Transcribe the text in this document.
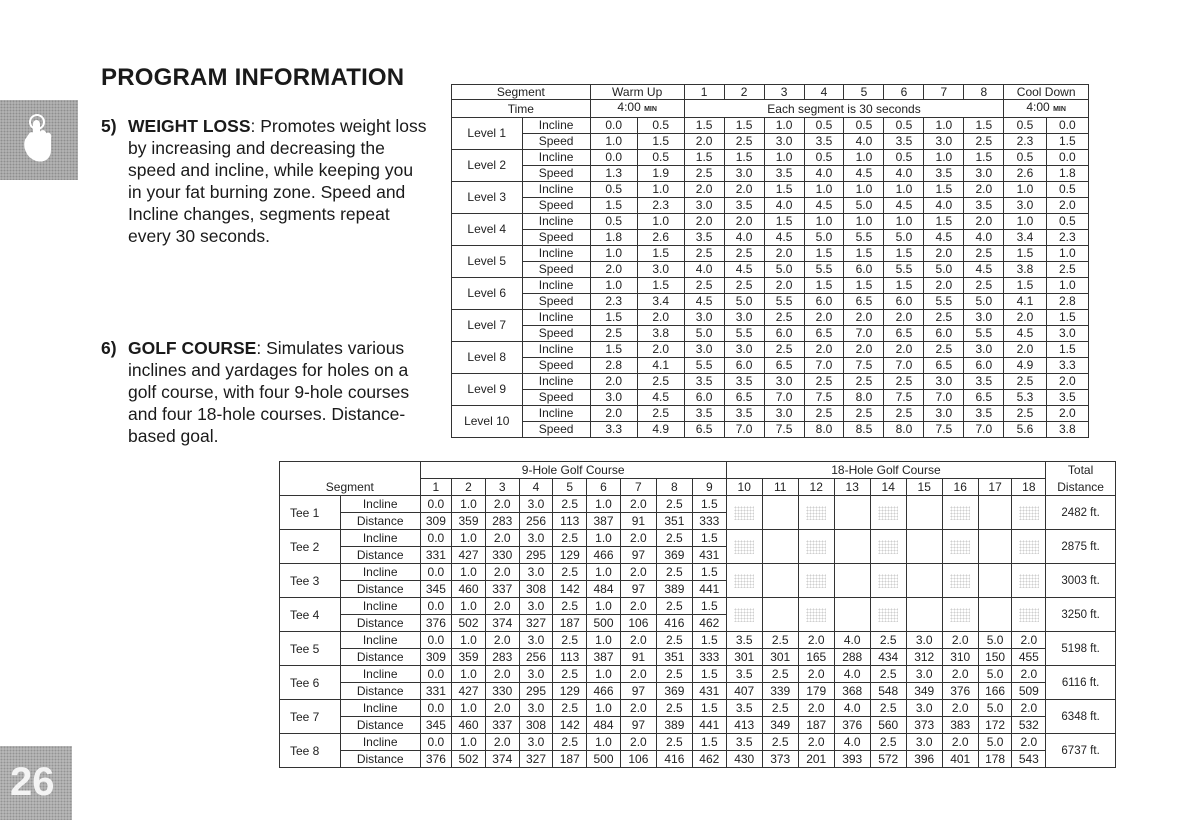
26
PROGRAM INFORMATION
5) WEIGHT LOSS: Promotes weight loss by increasing and decreasing the speed and incline, while keeping you in your fat burning zone. Speed and Incline changes, segments repeat every 30 seconds.
6) GOLF COURSE: Simulates various inclines and yardages for holes on a golf course, with four 9-hole courses and four 18-hole courses. Distance-based goal.
Segment		Warm Up		1	2	3	4	5	6	7	8	Cool Down	
Time		4:00 MIN		Each segment is 30 seconds								4:00 MIN	
Level 1	Incline	0.0	0.5	1.5	1.5	1.0	0.5	0.5	0.5	1.0	1.5	0.5	0.0
	Speed	1.0	1.5	2.0	2.5	3.0	3.5	4.0	3.5	3.0	2.5	2.3	1.5
Level 2	Incline	0.0	0.5	1.5	1.5	1.0	0.5	1.0	0.5	1.0	1.5	0.5	0.0
	Speed	1.3	1.9	2.5	3.0	3.5	4.0	4.5	4.0	3.5	3.0	2.6	1.8
Level 3	Incline	0.5	1.0	2.0	2.0	1.5	1.0	1.0	1.0	1.5	2.0	1.0	0.5
	Speed	1.5	2.3	3.0	3.5	4.0	4.5	5.0	4.5	4.0	3.5	3.0	2.0
Level 4	Incline	0.5	1.0	2.0	2.0	1.5	1.0	1.0	1.0	1.5	2.0	1.0	0.5
	Speed	1.8	2.6	3.5	4.0	4.5	5.0	5.5	5.0	4.5	4.0	3.4	2.3
Level 5	Incline	1.0	1.5	2.5	2.5	2.0	1.5	1.5	1.5	2.0	2.5	1.5	1.0
	Speed	2.0	3.0	4.0	4.5	5.0	5.5	6.0	5.5	5.0	4.5	3.8	2.5
Level 6	Incline	1.0	1.5	2.5	2.5	2.0	1.5	1.5	1.5	2.0	2.5	1.5	1.0
	Speed	2.3	3.4	4.5	5.0	5.5	6.0	6.5	6.0	5.5	5.0	4.1	2.8
Level 7	Incline	1.5	2.0	3.0	3.0	2.5	2.0	2.0	2.0	2.5	3.0	2.0	1.5
	Speed	2.5	3.8	5.0	5.5	6.0	6.5	7.0	6.5	6.0	5.5	4.5	3.0
Level 8	Incline	1.5	2.0	3.0	3.0	2.5	2.0	2.0	2.0	2.5	3.0	2.0	1.5
	Speed	2.8	4.1	5.5	6.0	6.5	7.0	7.5	7.0	6.5	6.0	4.9	3.3
Level 9	Incline	2.0	2.5	3.5	3.5	3.0	2.5	2.5	2.5	3.0	3.5	2.5	2.0
	Speed	3.0	4.5	6.0	6.5	7.0	7.5	8.0	7.5	7.0	6.5	5.3	3.5
Level 10	Incline	2.0	2.5	3.5	3.5	3.0	2.5	2.5	2.5	3.0	3.5	2.5	2.0
	Speed	3.3	4.9	6.5	7.0	7.5	8.0	8.5	8.0	7.5	7.0	5.6	3.8
		9-Hole Golf Course									18-Hole Golf Course									Total
Segment		1	2	3	4	5	6	7	8	9	10	11	12	13	14	15	16	17	18	Distance
Tee 1	Incline	0.0	1.0	2.0	3.0	2.5	1.0	2.0	2.5	1.5										2482 ft.
	Distance	309	359	283	256	113	387	91	351	333										
Tee 2	Incline	0.0	1.0	2.0	3.0	2.5	1.0	2.0	2.5	1.5										2875 ft.
	Distance	331	427	330	295	129	466	97	369	431										
Tee 3	Incline	0.0	1.0	2.0	3.0	2.5	1.0	2.0	2.5	1.5										3003 ft.
	Distance	345	460	337	308	142	484	97	389	441										
Tee 4	Incline	0.0	1.0	2.0	3.0	2.5	1.0	2.0	2.5	1.5										3250 ft.
	Distance	376	502	374	327	187	500	106	416	462										
Tee 5	Incline	0.0	1.0	2.0	3.0	2.5	1.0	2.0	2.5	1.5	3.5	2.5	2.0	4.0	2.5	3.0	2.0	5.0	2.0	5198 ft.
	Distance	309	359	283	256	113	387	91	351	333	301	301	165	288	434	312	310	150	455	
Tee 6	Incline	0.0	1.0	2.0	3.0	2.5	1.0	2.0	2.5	1.5	3.5	2.5	2.0	4.0	2.5	3.0	2.0	5.0	2.0	6116 ft.
	Distance	331	427	330	295	129	466	97	369	431	407	339	179	368	548	349	376	166	509	
Tee 7	Incline	0.0	1.0	2.0	3.0	2.5	1.0	2.0	2.5	1.5	3.5	2.5	2.0	4.0	2.5	3.0	2.0	5.0	2.0	6348 ft.
	Distance	345	460	337	308	142	484	97	389	441	413	349	187	376	560	373	383	172	532	
Tee 8	Incline	0.0	1.0	2.0	3.0	2.5	1.0	2.0	2.5	1.5	3.5	2.5	2.0	4.0	2.5	3.0	2.0	5.0	2.0	6737 ft.
	Distance	376	502	374	327	187	500	106	416	462	430	373	201	393	572	396	401	178	543	
